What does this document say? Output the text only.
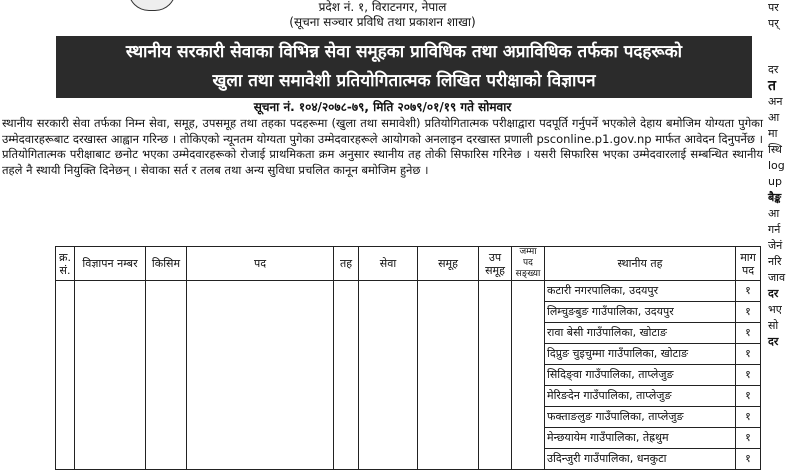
प्रदेश नं. १, विराटनगर, नेपाल
(सूचना सञ्चार प्रविधि तथा प्रकाशन शाखा)
स्थानीय सरकारी सेवाका विभिन्न सेवा समूहका प्राविधिक तथा अप्राविधिक तर्फका पदहरूको
खुला तथा समावेशी प्रतियोगितात्मक लिखित परीक्षाको विज्ञापन
सूचना नं. १०४/२०७८-७९, मिति २०७९/०१/१९ गते सोमवार
स्थानीय सरकारी सेवा तर्फका निम्न सेवा, समूह, उपसमूह तथा तहका पदहरूमा (खुला तथा समावेशी) प्रतियोगितात्मक परीक्षाद्वारा पदपूर्ति गर्नुपर्ने भएकोले देहाय बमोजिम योग्यता पुगेका उम्मेदवारहरूबाट दरखास्त आह्वान गरिन्छ । तोकिएको न्यूनतम योग्यता पुगेका उम्मेदवारहरूले आयोगको अनलाइन दरखास्त प्रणाली psconline.p1.gov.np मार्फत आवेदन दिनुपर्नेछ । प्रतियोगितात्मक परीक्षाबाट छनोट भएका उम्मेदवारहरूको रोजाई प्राथमिकता क्रम अनुसार स्थानीय तह तोकी सिफारिस गरिनेछ । यसरी सिफारिस भएका उम्मेदवारलाई सम्बन्धित स्थानीय तहले नै स्थायी नियुक्ति दिनेछन् । सेवाका सर्त र तलब तथा अन्य सुविधा प्रचलित कानून बमोजिम हुनेछ ।
क्र. सं.	विज्ञापन नम्बर	किसिम	पद	तह	सेवा	समूह	उप समूह	जम्मा पद सङ्ख्या	स्थानीय तह	माग पद
									कटारी नगरपालिका, उदयपुर	१
									लिम्चुङबुङ गाउँपालिका, उदयपुर	१
									रावा बेसी गाउँपालिका, खोटाङ	१
									दिप्रुङ चुइचुम्मा गाउँपालिका, खोटाङ	१
									सिदिङ्वा गाउँपालिका, ताप्लेजुङ	१
									मेरिङदेन गाउँपालिका, ताप्लेजुङ	१
									फक्ताङलुङ गाउँपालिका, ताप्लेजुङ	१
									मेन्छयायेम गाउँपालिका, तेह्रथुम	१
									उदिन्जुरी गाउँपालिका, धनकुटा	१
पर
पर्
दर
त
अन
आ
मा
स्थि
log
up
बैङ्क
आ
गर्न
जेनं
नरि
जाव
दर
भए
सो
दर
